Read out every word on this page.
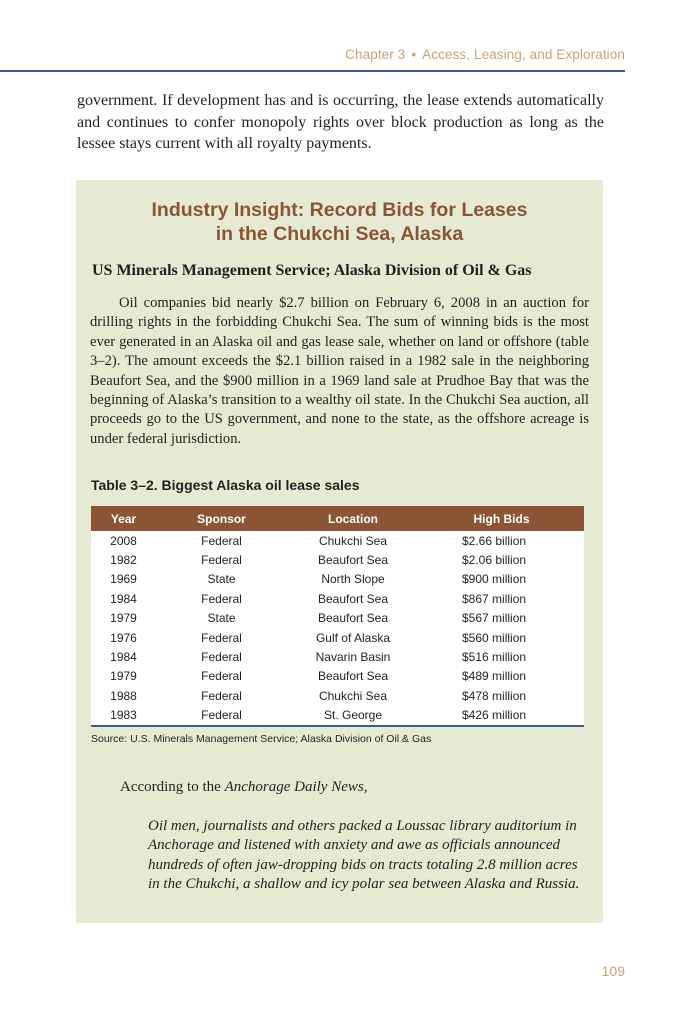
Chapter 3 • Access, Leasing, and Exploration

government. If development has and is occurring, the lease extends automatically and continues to confer monopoly rights over block production as long as the lessee stays current with all royalty payments.

Industry Insight: Record Bids for Leases
in the Chukchi Sea, Alaska
US Minerals Management Service; Alaska Division of Oil & Gas

Oil companies bid nearly $2.7 billion on February 6, 2008 in an auction for drilling rights in the forbidding Chukchi Sea. The sum of winning bids is the most ever generated in an Alaska oil and gas lease sale, whether on land or offshore (table 3–2). The amount exceeds the $2.1 billion raised in a 1982 sale in the neighboring Beaufort Sea, and the $900 million in a 1969 land sale at Prudhoe Bay that was the beginning of Alaska’s transition to a wealthy oil state. In the Chukchi Sea auction, all proceeds go to the US government, and none to the state, as the offshore acreage is under federal jurisdiction.

Table 3–2. Biggest Alaska oil lease sales
Year	Sponsor	Location	High Bids
2008	Federal	Chukchi Sea	$2.66 billion
1982	Federal	Beaufort Sea	$2.06 billion
1969	State	North Slope	$900 million
1984	Federal	Beaufort Sea	$867 million
1979	State	Beaufort Sea	$567 million
1976	Federal	Gulf of Alaska	$560 million
1984	Federal	Navarin Basin	$516 million
1979	Federal	Beaufort Sea	$489 million
1988	Federal	Chukchi Sea	$478 million
1983	Federal	St. George	$426 million
Source: U.S. Minerals Management Service; Alaska Division of Oil & Gas
According to the Anchorage Daily News,

Oil men, journalists and others packed a Loussac library auditorium in Anchorage and listened with anxiety and awe as officials announced hundreds of often jaw-dropping bids on tracts totaling 2.8 million acres in the Chukchi, a shallow and icy polar sea between Alaska and Russia.

109
